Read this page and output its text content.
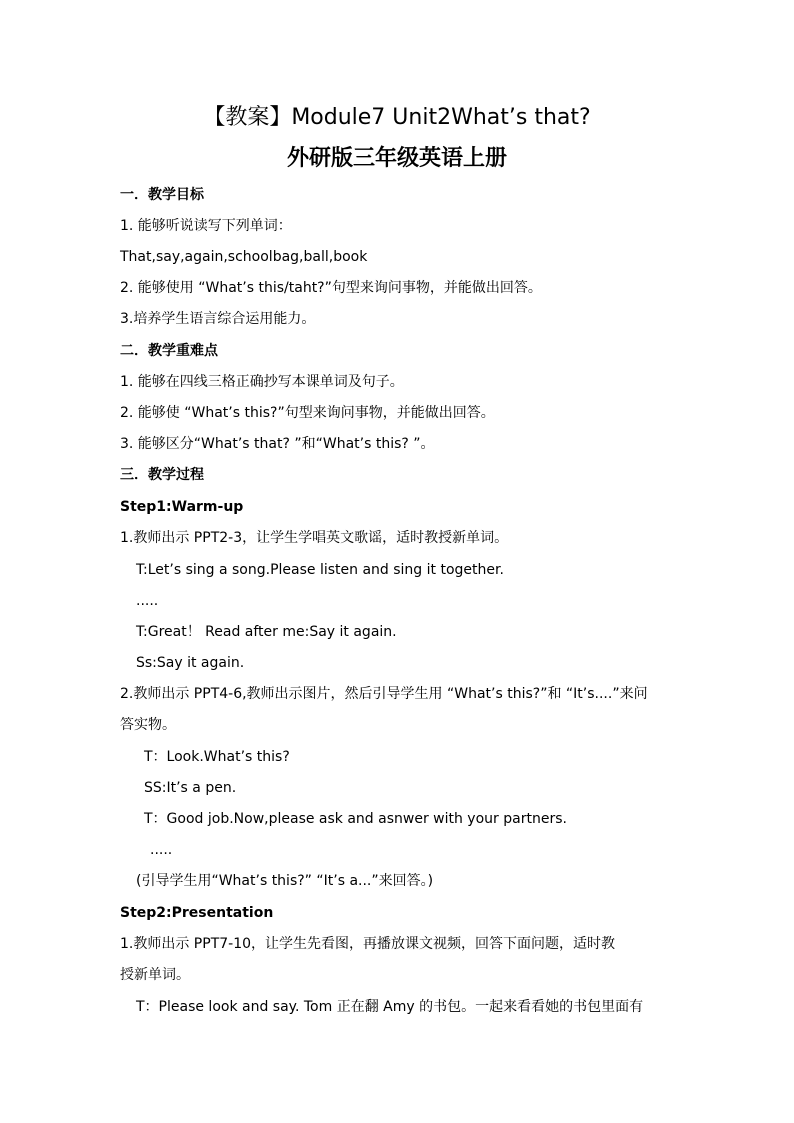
【教案】Module7 Unit2What’s that?
外研版三年级英语上册
一．教学目标
1. 能够听说读写下列单词：
That,say,again,schoolbag,ball,book
2. 能够使用 “What’s this/taht?”句型来询问事物，并能做出回答。
3.培养学生语言综合运用能力。
二．教学重难点
1. 能够在四线三格正确抄写本课单词及句子。
2. 能够使 “What’s this?”句型来询问事物，并能做出回答。
3. 能够区分“What’s that? ”和“What’s this? ”。
三．教学过程
Step1:Warm-up
1.教师出示 PPT2-3，让学生学唱英文歌谣，适时教授新单词。
T:Let’s sing a song.Please listen and sing it together.
.....
T:Great！ Read after me:Say it again.
Ss:Say it again.
2.教师出示 PPT4-6,教师出示图片，然后引导学生用 “What’s this?”和 “It’s....”来问
答实物。
T：Look.What’s this?
SS:It’s a pen.
T：Good job.Now,please ask and asnwer with your partners.
.....
(引导学生用“What’s this?” “It’s a...”来回答。)
Step2:Presentation
1.教师出示 PPT7-10，让学生先看图，再播放课文视频，回答下面问题，适时教
授新单词。
T：Please look and say. Tom 正在翻 Amy 的书包。一起来看看她的书包里面有
